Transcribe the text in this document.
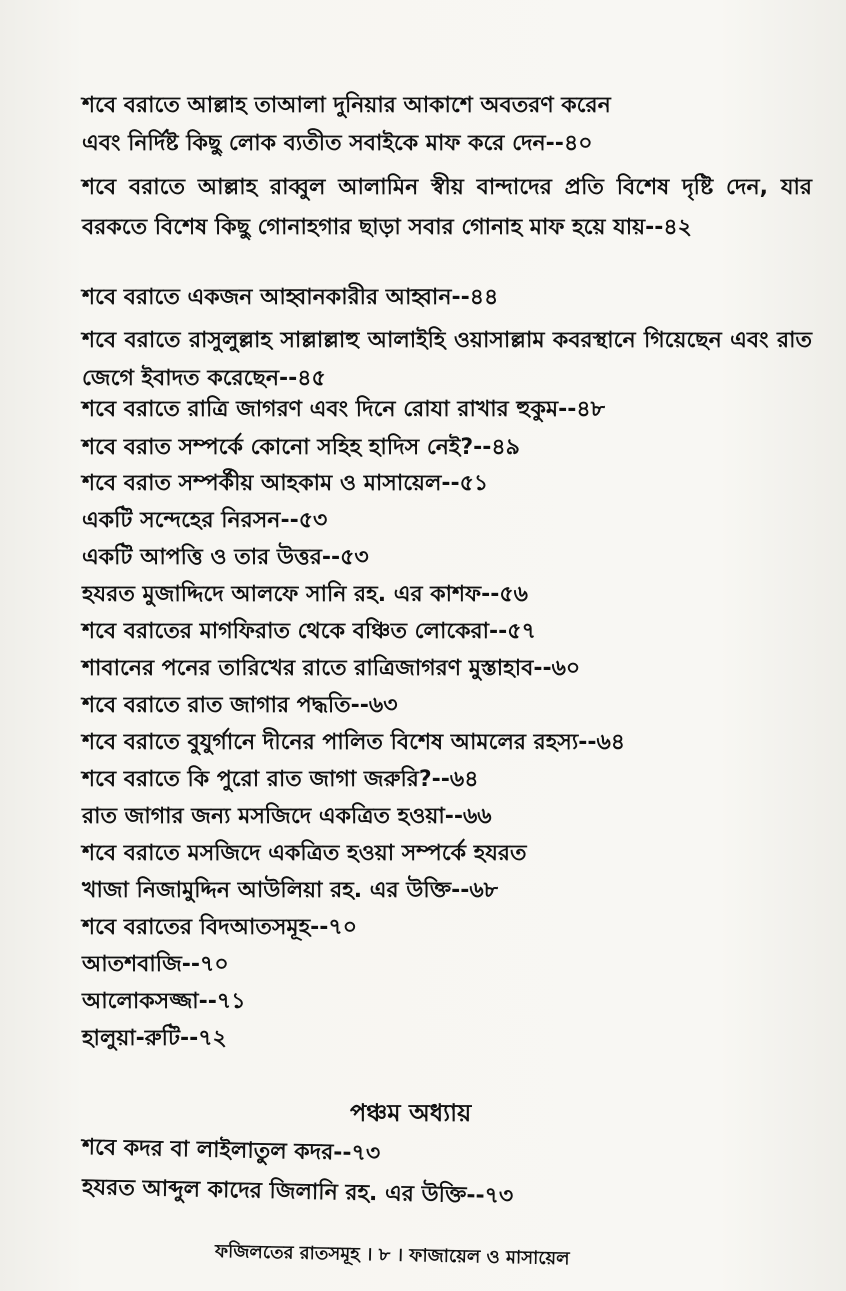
শবে বরাতে আল্লাহ তাআলা দুনিয়ার আকাশে অবতরণ করেন
এবং নির্দিষ্ট কিছু লোক ব্যতীত সবাইকে মাফ করে দেন--৪০
শবে বরাতে আল্লাহ রাব্বুল আলামিন স্বীয় বান্দাদের প্রতি বিশেষ দৃষ্টি দেন, যার বরকতে বিশেষ কিছু গোনাহগার ছাড়া সবার গোনাহ মাফ হয়ে যায়--৪২
শবে বরাতে একজন আহ্বানকারীর আহ্বান--৪৪
শবে বরাতে রাসুলুল্লাহ সাল্লাল্লাহু আলাইহি ওয়াসাল্লাম কবরস্থানে গিয়েছেন এবং রাত জেগে ইবাদত করেছেন--৪৫
শবে বরাতে রাত্রি জাগরণ এবং দিনে রোযা রাখার হুকুম--৪৮
শবে বরাত সম্পর্কে কোনো সহিহ হাদিস নেই?--৪৯
শবে বরাত সম্পর্কীয় আহকাম ও মাসায়েল--৫১
একটি সন্দেহের নিরসন--৫৩
একটি আপত্তি ও তার উত্তর--৫৩
হযরত মুজাদ্দিদে আলফে সানি রহ. এর কাশফ--৫৬
শবে বরাতের মাগফিরাত থেকে বঞ্চিত লোকেরা--৫৭
শাবানের পনের তারিখের রাতে রাত্রিজাগরণ মুস্তাহাব--৬০
শবে বরাতে রাত জাগার পদ্ধতি--৬৩
শবে বরাতে বুযুর্গানে দীনের পালিত বিশেষ আমলের রহস্য--৬৪
শবে বরাতে কি পুরো রাত জাগা জরুরি?--৬৪
রাত জাগার জন্য মসজিদে একত্রিত হওয়া--৬৬
শবে বরাতে মসজিদে একত্রিত হওয়া সম্পর্কে হযরত
খাজা নিজামুদ্দিন আউলিয়া রহ. এর উক্তি--৬৮
শবে বরাতের বিদআতসমূহ--৭০
আতশবাজি--৭০
আলোকসজ্জা--৭১
হালুয়া-রুটি--৭২
পঞ্চম অধ্যায়
শবে কদর বা লাইলাতুল কদর--৭৩
হযরত আব্দুল কাদের জিলানি রহ. এর উক্তি--৭৩
ফজিলতের রাতসমূহ । ৮ । ফাজায়েল ও মাসায়েল
